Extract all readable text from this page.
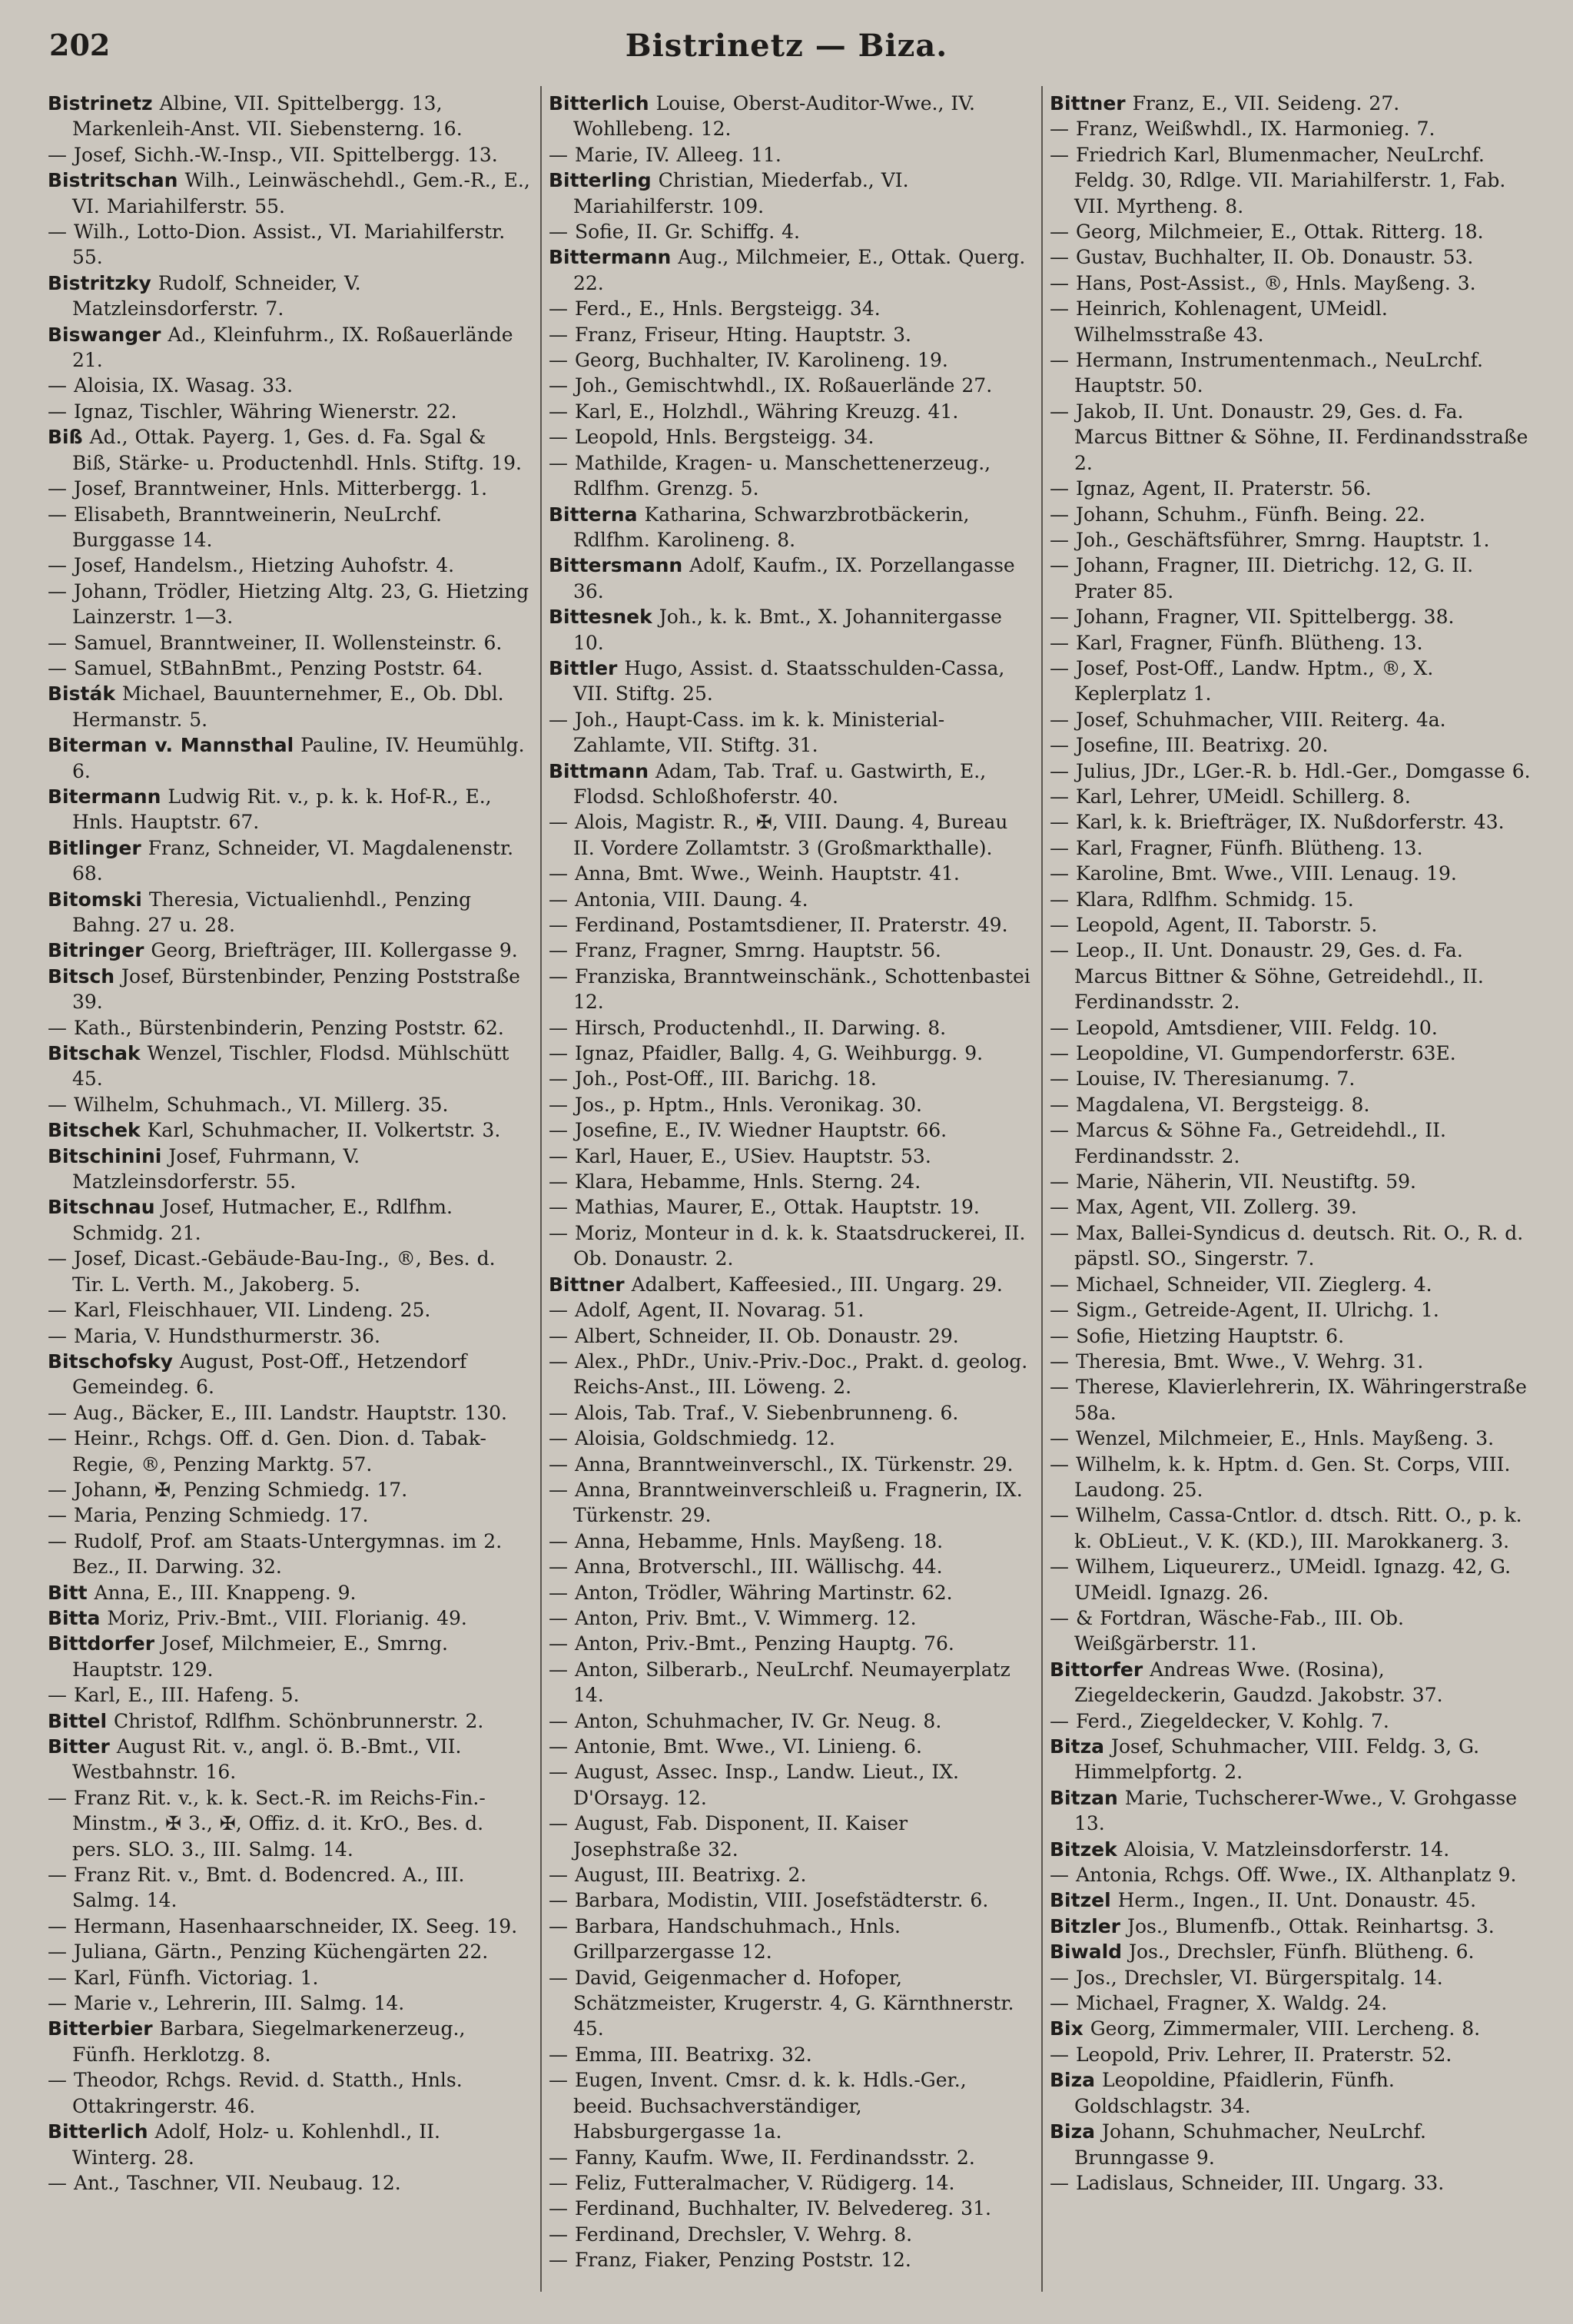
202	Bistrinetz — Biza.
Bistrinetz Albine, VII. Spittelbergg. 13, Markenleih-Anst. VII. Siebensterng. 16.
— Josef, Sichh.-W.-Insp., VII. Spittelbergg. 13.
Bistritschan Wilh., Leinwäschehdl., Gem.-R., E., VI. Mariahilferstr. 55.
— Wilh., Lotto-Dion. Assist., VI. Mariahilferstr. 55.
Bistritzky Rudolf, Schneider, V. Matzleinsdorferstr. 7.
Biswanger Ad., Kleinfuhrm., IX. Roßauerlände 21.
— Aloisia, IX. Wasag. 33.
— Ignaz, Tischler, Währing Wienerstr. 22.
Biß Ad., Ottak. Payerg. 1, Ges. d. Fa. Sgal & Biß, Stärke- u. Productenhdl. Hnls. Stiftg. 19.
— Josef, Branntweiner, Hnls. Mitterbergg. 1.
— Elisabeth, Branntweinerin, NeuLrchf. Burggasse 14.
— Josef, Handelsm., Hietzing Auhofstr. 4.
— Johann, Trödler, Hietzing Altg. 23, G. Hietzing Lainzerstr. 1—3.
— Samuel, Branntweiner, II. Wollensteinstr. 6.
— Samuel, StBahnBmt., Penzing Poststr. 64.
Bisták Michael, Bauunternehmer, E., Ob. Dbl. Hermanstr. 5.
Biterman v. Mannsthal Pauline, IV. Heumühlg. 6.
Bitermann Ludwig Rit. v., p. k. k. Hof-R., E., Hnls. Hauptstr. 67.
Bitlinger Franz, Schneider, VI. Magdalenenstr. 68.
Bitomski Theresia, Victualienhdl., Penzing Bahng. 27 u. 28.
Bitringer Georg, Briefträger, III. Kollergasse 9.
Bitsch Josef, Bürstenbinder, Penzing Poststraße 39.
— Kath., Bürstenbinderin, Penzing Poststr. 62.
Bitschak Wenzel, Tischler, Flodsd. Mühlschütt 45.
— Wilhelm, Schuhmach., VI. Millerg. 35.
Bitschek Karl, Schuhmacher, II. Volkertstr. 3.
Bitschinini Josef, Fuhrmann, V. Matzleinsdorferstr. 55.
Bitschnau Josef, Hutmacher, E., Rdlfhm. Schmidg. 21.
— Josef, Dicast.-Gebäude-Bau-Ing., ®, Bes. d. Tir. L. Verth. M., Jakoberg. 5.
— Karl, Fleischhauer, VII. Lindeng. 25.
— Maria, V. Hundsthurmerstr. 36.
Bitschofsky August, Post-Off., Hetzendorf Gemeindeg. 6.
— Aug., Bäcker, E., III. Landstr. Hauptstr. 130.
— Heinr., Rchgs. Off. d. Gen. Dion. d. Tabak-Regie, ®, Penzing Marktg. 57.
— Johann, ✠, Penzing Schmiedg. 17.
— Maria, Penzing Schmiedg. 17.
— Rudolf, Prof. am Staats-Untergymnas. im 2. Bez., II. Darwing. 32.
Bitt Anna, E., III. Knappeng. 9.
Bitta Moriz, Priv.-Bmt., VIII. Florianig. 49.
Bittdorfer Josef, Milchmeier, E., Smrng. Hauptstr. 129.
— Karl, E., III. Hafeng. 5.
Bittel Christof, Rdlfhm. Schönbrunnerstr. 2.
Bitter August Rit. v., angl. ö. B.-Bmt., VII. Westbahnstr. 16.
— Franz Rit. v., k. k. Sect.-R. im Reichs-Fin.-Minstm., ✠ 3., ✠, Offiz. d. it. KrO., Bes. d. pers. SLO. 3., III. Salmg. 14.
— Franz Rit. v., Bmt. d. Bodencred. A., III. Salmg. 14.
— Hermann, Hasenhaarschneider, IX. Seeg. 19.
— Juliana, Gärtn., Penzing Küchengärten 22.
— Karl, Fünfh. Victoriag. 1.
— Marie v., Lehrerin, III. Salmg. 14.
Bitterbier Barbara, Siegelmarkenerzeug., Fünfh. Herklotzg. 8.
— Theodor, Rchgs. Revid. d. Statth., Hnls. Ottakringerstr. 46.
Bitterlich Adolf, Holz- u. Kohlenhdl., II. Winterg. 28.
— Ant., Taschner, VII. Neubaug. 12.
Bitterlich Louise, Oberst-Auditor-Wwe., IV. Wohllebeng. 12.
— Marie, IV. Alleeg. 11.
Bitterling Christian, Miederfab., VI. Mariahilferstr. 109.
— Sofie, II. Gr. Schiffg. 4.
Bittermann Aug., Milchmeier, E., Ottak. Querg. 22.
— Ferd., E., Hnls. Bergsteigg. 34.
— Franz, Friseur, Hting. Hauptstr. 3.
— Georg, Buchhalter, IV. Karolineng. 19.
— Joh., Gemischtwhdl., IX. Roßauerlände 27.
— Karl, E., Holzhdl., Währing Kreuzg. 41.
— Leopold, Hnls. Bergsteigg. 34.
— Mathilde, Kragen- u. Manschettenerzeug., Rdlfhm. Grenzg. 5.
Bitterna Katharina, Schwarzbrotbäckerin, Rdlfhm. Karolineng. 8.
Bittersmann Adolf, Kaufm., IX. Porzellangasse 36.
Bittesnek Joh., k. k. Bmt., X. Johannitergasse 10.
Bittler Hugo, Assist. d. Staatsschulden-Cassa, VII. Stiftg. 25.
— Joh., Haupt-Cass. im k. k. Ministerial-Zahlamte, VII. Stiftg. 31.
Bittmann Adam, Tab. Traf. u. Gastwirth, E., Flodsd. Schloßhoferstr. 40.
— Alois, Magistr. R., ✠, VIII. Daung. 4, Bureau II. Vordere Zollamtstr. 3 (Großmarkthalle).
— Anna, Bmt. Wwe., Weinh. Hauptstr. 41.
— Antonia, VIII. Daung. 4.
— Ferdinand, Postamtsdiener, II. Praterstr. 49.
— Franz, Fragner, Smrng. Hauptstr. 56.
— Franziska, Branntweinschänk., Schottenbastei 12.
— Hirsch, Productenhdl., II. Darwing. 8.
— Ignaz, Pfaidler, Ballg. 4, G. Weihburgg. 9.
— Joh., Post-Off., III. Barichg. 18.
— Jos., p. Hptm., Hnls. Veronikag. 30.
— Josefine, E., IV. Wiedner Hauptstr. 66.
— Karl, Hauer, E., USiev. Hauptstr. 53.
— Klara, Hebamme, Hnls. Sterng. 24.
— Mathias, Maurer, E., Ottak. Hauptstr. 19.
— Moriz, Monteur in d. k. k. Staatsdruckerei, II. Ob. Donaustr. 2.
Bittner Adalbert, Kaffeesied., III. Ungarg. 29.
— Adolf, Agent, II. Novarag. 51.
— Albert, Schneider, II. Ob. Donaustr. 29.
— Alex., PhDr., Univ.-Priv.-Doc., Prakt. d. geolog. Reichs-Anst., III. Löweng. 2.
— Alois, Tab. Traf., V. Siebenbrunneng. 6.
— Aloisia, Goldschmiedg. 12.
— Anna, Branntweinverschl., IX. Türkenstr. 29.
— Anna, Branntweinverschleiß u. Fragnerin, IX. Türkenstr. 29.
— Anna, Hebamme, Hnls. Mayßeng. 18.
— Anna, Brotverschl., III. Wällischg. 44.
— Anton, Trödler, Währing Martinstr. 62.
— Anton, Priv. Bmt., V. Wimmerg. 12.
— Anton, Priv.-Bmt., Penzing Hauptg. 76.
— Anton, Silberarb., NeuLrchf. Neumayerplatz 14.
— Anton, Schuhmacher, IV. Gr. Neug. 8.
— Antonie, Bmt. Wwe., VI. Linieng. 6.
— August, Assec. Insp., Landw. Lieut., IX. D'Orsayg. 12.
— August, Fab. Disponent, II. Kaiser Josephstraße 32.
— August, III. Beatrixg. 2.
— Barbara, Modistin, VIII. Josefstädterstr. 6.
— Barbara, Handschuhmach., Hnls. Grillparzergasse 12.
— David, Geigenmacher d. Hofoper, Schätzmeister, Krugerstr. 4, G. Kärnthnerstr. 45.
— Emma, III. Beatrixg. 32.
— Eugen, Invent. Cmsr. d. k. k. Hdls.-Ger., beeid. Buchsachverständiger, Habsburgergasse 1a.
— Fanny, Kaufm. Wwe, II. Ferdinandsstr. 2.
— Feliz, Futteralmacher, V. Rüdigerg. 14.
— Ferdinand, Buchhalter, IV. Belvedereg. 31.
— Ferdinand, Drechsler, V. Wehrg. 8.
— Franz, Fiaker, Penzing Poststr. 12.
Bittner Franz, E., VII. Seideng. 27.
— Franz, Weißwhdl., IX. Harmonieg. 7.
— Friedrich Karl, Blumenmacher, NeuLrchf. Feldg. 30, Rdlge. VII. Mariahilferstr. 1, Fab. VII. Myrtheng. 8.
— Georg, Milchmeier, E., Ottak. Ritterg. 18.
— Gustav, Buchhalter, II. Ob. Donaustr. 53.
— Hans, Post-Assist., ®, Hnls. Mayßeng. 3.
— Heinrich, Kohlenagent, UMeidl. Wilhelmsstraße 43.
— Hermann, Instrumentenmach., NeuLrchf. Hauptstr. 50.
— Jakob, II. Unt. Donaustr. 29, Ges. d. Fa. Marcus Bittner & Söhne, II. Ferdinandsstraße 2.
— Ignaz, Agent, II. Praterstr. 56.
— Johann, Schuhm., Fünfh. Being. 22.
— Joh., Geschäftsführer, Smrng. Hauptstr. 1.
— Johann, Fragner, III. Dietrichg. 12, G. II. Prater 85.
— Johann, Fragner, VII. Spittelbergg. 38.
— Karl, Fragner, Fünfh. Blütheng. 13.
— Josef, Post-Off., Landw. Hptm., ®, X. Keplerplatz 1.
— Josef, Schuhmacher, VIII. Reiterg. 4a.
— Josefine, III. Beatrixg. 20.
— Julius, JDr., LGer.-R. b. Hdl.-Ger., Domgasse 6.
— Karl, Lehrer, UMeidl. Schillerg. 8.
— Karl, k. k. Briefträger, IX. Nußdorferstr. 43.
— Karl, Fragner, Fünfh. Blütheng. 13.
— Karoline, Bmt. Wwe., VIII. Lenaug. 19.
— Klara, Rdlfhm. Schmidg. 15.
— Leopold, Agent, II. Taborstr. 5.
— Leop., II. Unt. Donaustr. 29, Ges. d. Fa. Marcus Bittner & Söhne, Getreidehdl., II. Ferdinandsstr. 2.
— Leopold, Amtsdiener, VIII. Feldg. 10.
— Leopoldine, VI. Gumpendorferstr. 63E.
— Louise, IV. Theresianumg. 7.
— Magdalena, VI. Bergsteigg. 8.
— Marcus & Söhne Fa., Getreidehdl., II. Ferdinandsstr. 2.
— Marie, Näherin, VII. Neustiftg. 59.
— Max, Agent, VII. Zollerg. 39.
— Max, Ballei-Syndicus d. deutsch. Rit. O., R. d. päpstl. SO., Singerstr. 7.
— Michael, Schneider, VII. Zieglerg. 4.
— Sigm., Getreide-Agent, II. Ulrichg. 1.
— Sofie, Hietzing Hauptstr. 6.
— Theresia, Bmt. Wwe., V. Wehrg. 31.
— Therese, Klavierlehrerin, IX. Währingerstraße 58a.
— Wenzel, Milchmeier, E., Hnls. Mayßeng. 3.
— Wilhelm, k. k. Hptm. d. Gen. St. Corps, VIII. Laudong. 25.
— Wilhelm, Cassa-Cntlor. d. dtsch. Ritt. O., p. k. k. ObLieut., V. K. (KD.), III. Marokkanerg. 3.
— Wilhem, Liqueurerz., UMeidl. Ignazg. 42, G. UMeidl. Ignazg. 26.
— & Fortdran, Wäsche-Fab., III. Ob. Weißgärberstr. 11.
Bittorfer Andreas Wwe. (Rosina), Ziegeldeckerin, Gaudzd. Jakobstr. 37.
— Ferd., Ziegeldecker, V. Kohlg. 7.
Bitza Josef, Schuhmacher, VIII. Feldg. 3, G. Himmelpfortg. 2.
Bitzan Marie, Tuchscherer-Wwe., V. Grohgasse 13.
Bitzek Aloisia, V. Matzleinsdorferstr. 14.
— Antonia, Rchgs. Off. Wwe., IX. Althanplatz 9.
Bitzel Herm., Ingen., II. Unt. Donaustr. 45.
Bitzler Jos., Blumenfb., Ottak. Reinhartsg. 3.
Biwald Jos., Drechsler, Fünfh. Blütheng. 6.
— Jos., Drechsler, VI. Bürgerspitalg. 14.
— Michael, Fragner, X. Waldg. 24.
Bix Georg, Zimmermaler, VIII. Lercheng. 8.
— Leopold, Priv. Lehrer, II. Praterstr. 52.
Biza Leopoldine, Pfaidlerin, Fünfh. Goldschlagstr. 34.
Biza Johann, Schuhmacher, NeuLrchf. Brunngasse 9.
— Ladislaus, Schneider, III. Ungarg. 33.
